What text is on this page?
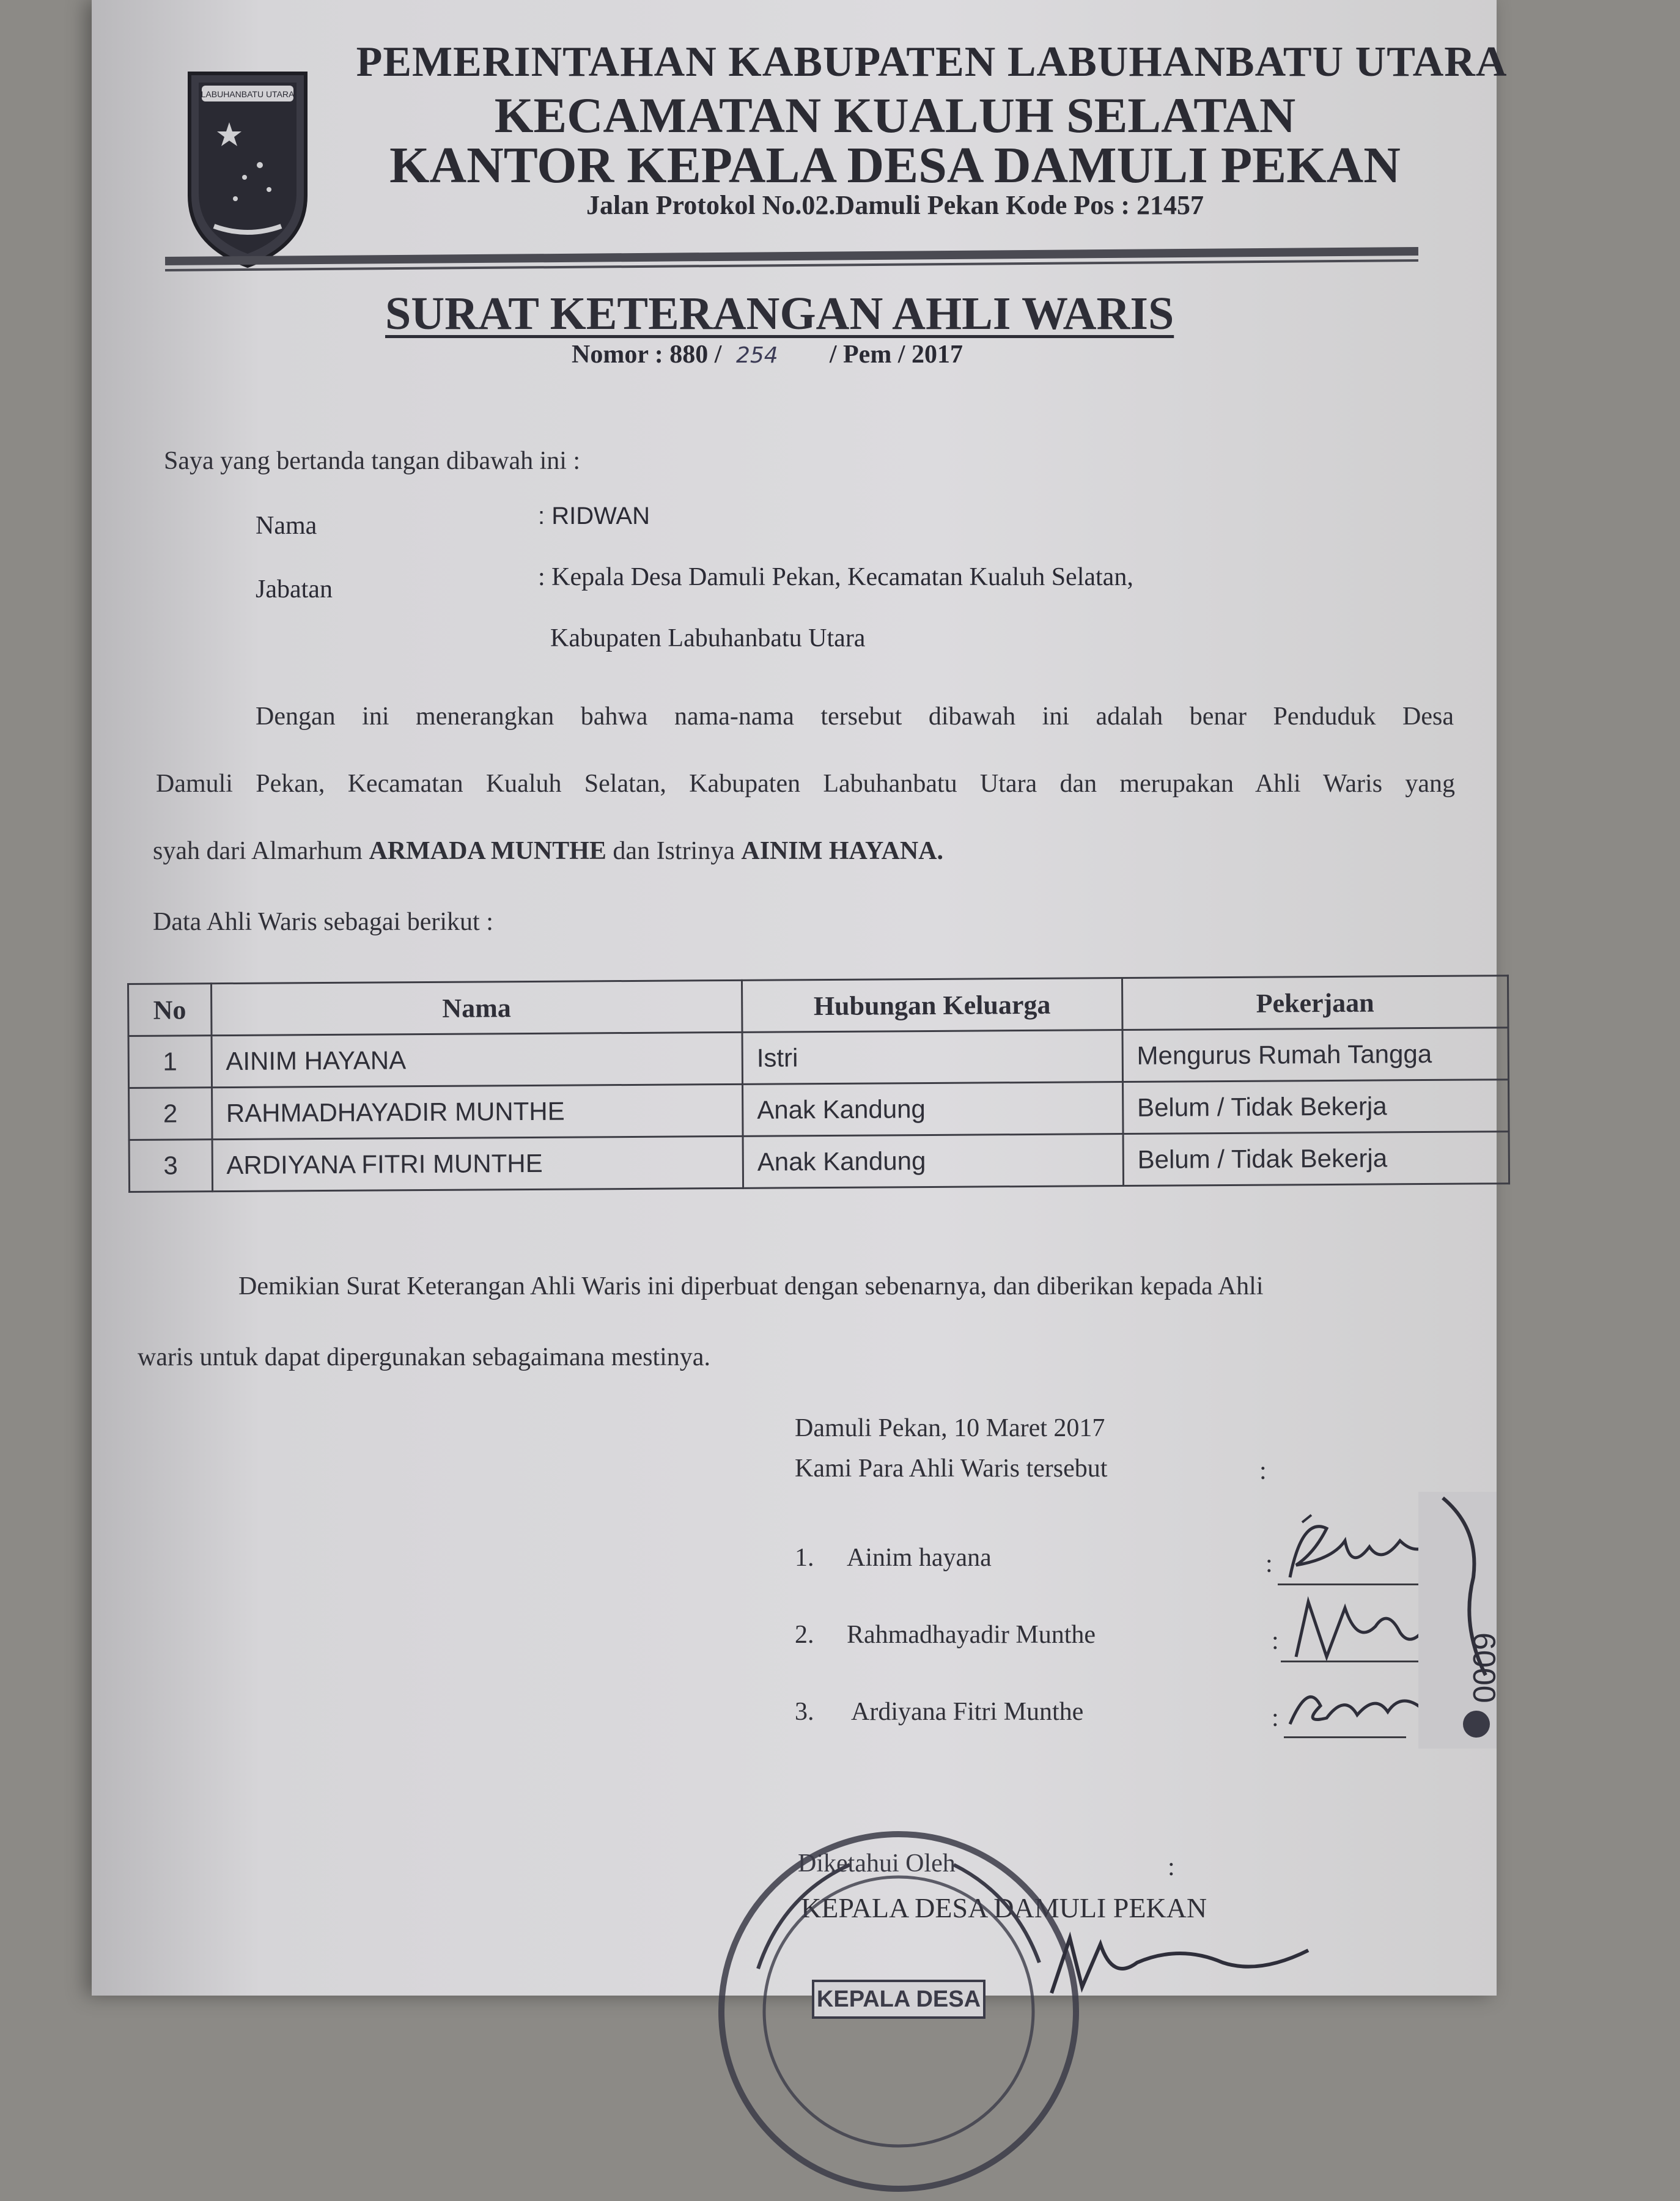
LABUHANBATU UTARA
PEMERINTAHAN KABUPATEN LABUHANBATU UTARA
KECAMATAN KUALUH SELATAN
KANTOR KEPALA DESA DAMULI PEKAN
Jalan Protokol No.02.Damuli Pekan Kode Pos : 21457
SURAT KETERANGAN AHLI WARIS
Nomor : 880 / 254 / Pem / 2017
Saya yang bertanda tangan dibawah ini :
Nama	: RIDWAN
Jabatan	: Kepala Desa Damuli Pekan, Kecamatan Kualuh Selatan,
Kabupaten Labuhanbatu Utara
Dengan ini menerangkan bahwa nama-nama tersebut dibawah ini adalah benar Penduduk Desa
Damuli Pekan, Kecamatan Kualuh Selatan, Kabupaten Labuhanbatu Utara dan merupakan Ahli Waris yang
syah dari Almarhum ARMADA MUNTHE dan Istrinya AINIM HAYANA.
Data Ahli Waris sebagai berikut :
No	Nama	Hubungan Keluarga	Pekerjaan
1	AINIM HAYANA	Istri	Mengurus Rumah Tangga
2	RAHMADHAYADIR MUNTHE	Anak Kandung	Belum / Tidak Bekerja
3	ARDIYANA FITRI MUNTHE	Anak Kandung	Belum / Tidak Bekerja
Demikian Surat Keterangan Ahli Waris ini diperbuat dengan sebenarnya, dan diberikan kepada Ahli
waris untuk dapat dipergunakan sebagaimana mestinya.
Damuli Pekan, 10 Maret 2017
Kami Para Ahli Waris tersebut	:
1. Ainim hayana	:
2. Rahmadhayadir Munthe	:
3. Ardiyana Fitri Munthe	:
6000
Diketahui Oleh	:
KEPALA DESA DAMULI PEKAN
KEPALA DESA
